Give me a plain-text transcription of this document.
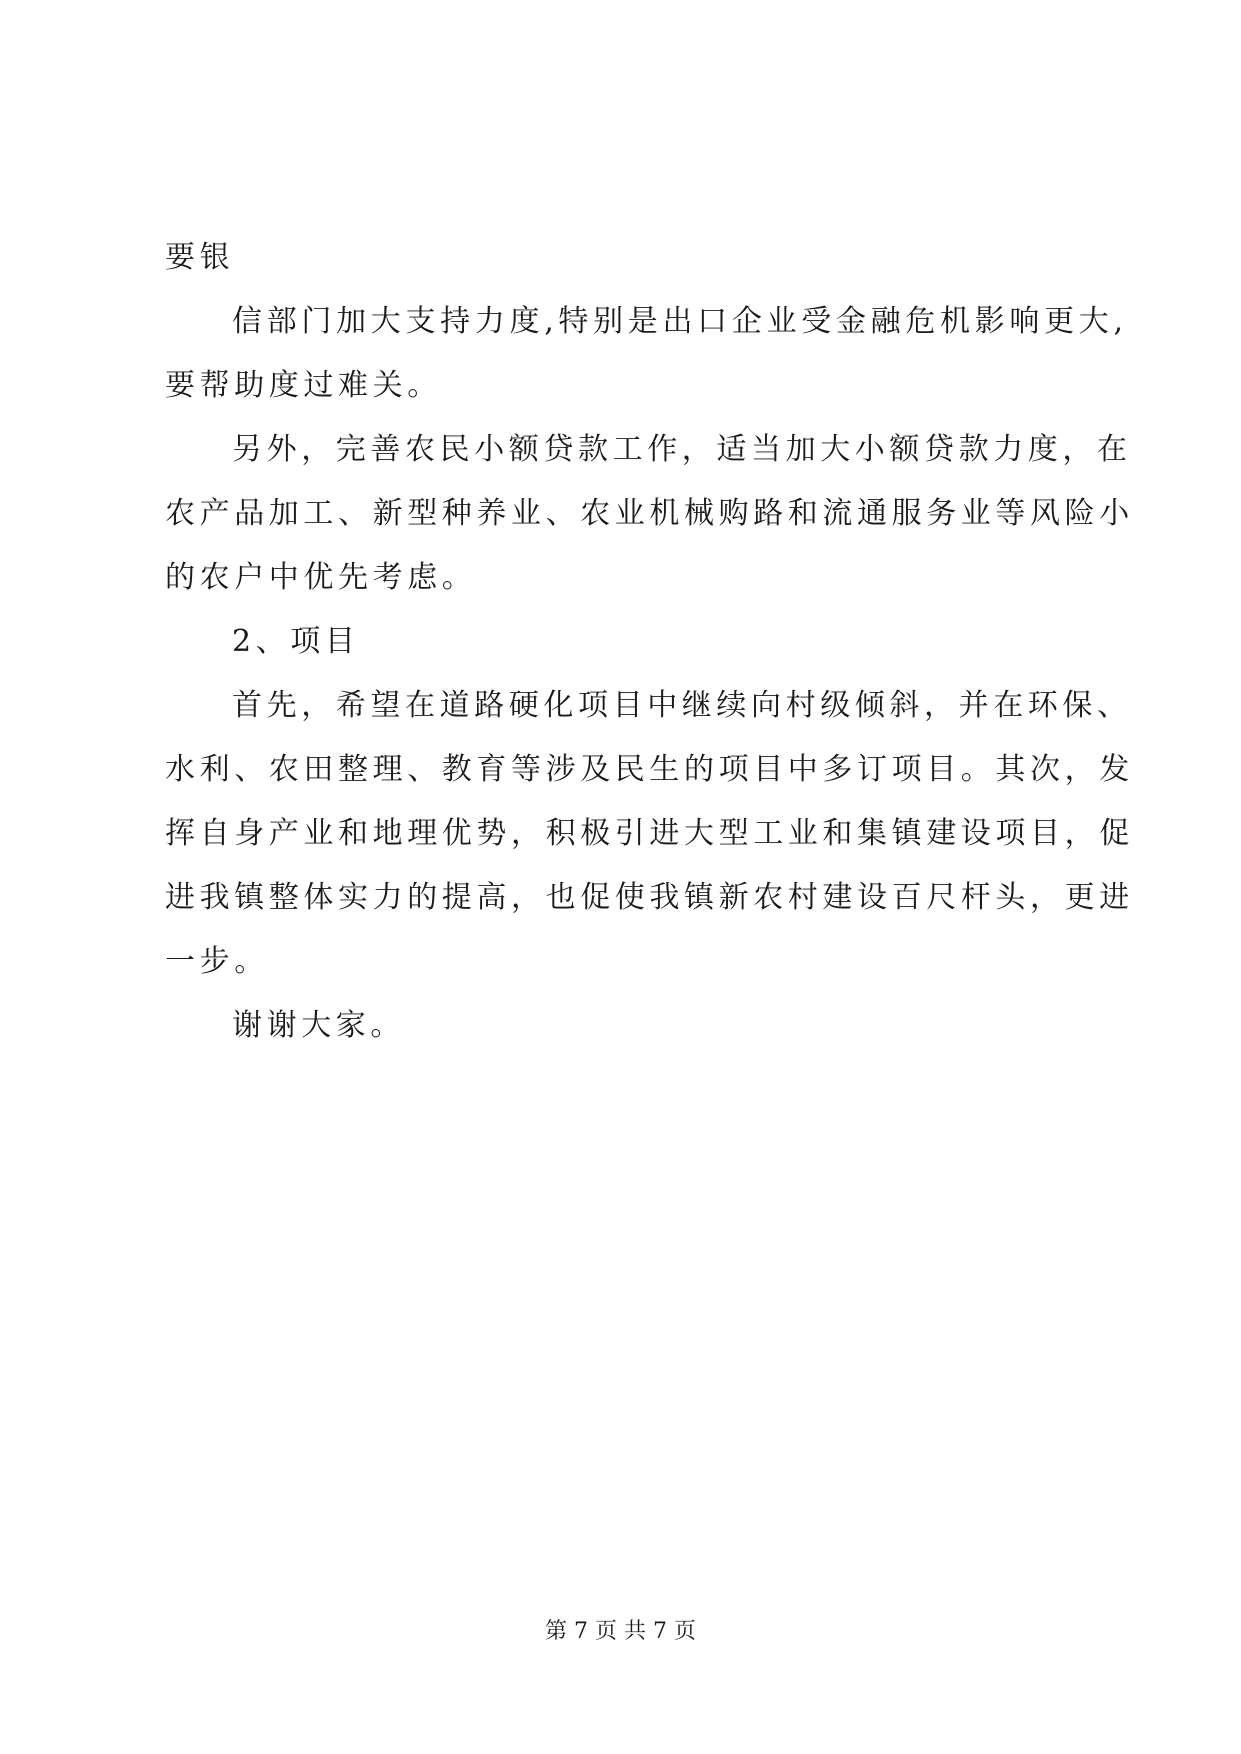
要银
信部门加大支持力度,特别是出口企业受金融危机影响更大,
要帮助度过难关。
另外，完善农民小额贷款工作，适当加大小额贷款力度，在
农产品加工、新型种养业、农业机械购路和流通服务业等风险小
的农户中优先考虑。
2、项目
首先，希望在道路硬化项目中继续向村级倾斜，并在环保、
水利、农田整理、教育等涉及民生的项目中多订项目。其次，发
挥自身产业和地理优势，积极引进大型工业和集镇建设项目，促
进我镇整体实力的提高，也促使我镇新农村建设百尺杆头，更进
一步。
谢谢大家。
第 7 页 共 7 页
